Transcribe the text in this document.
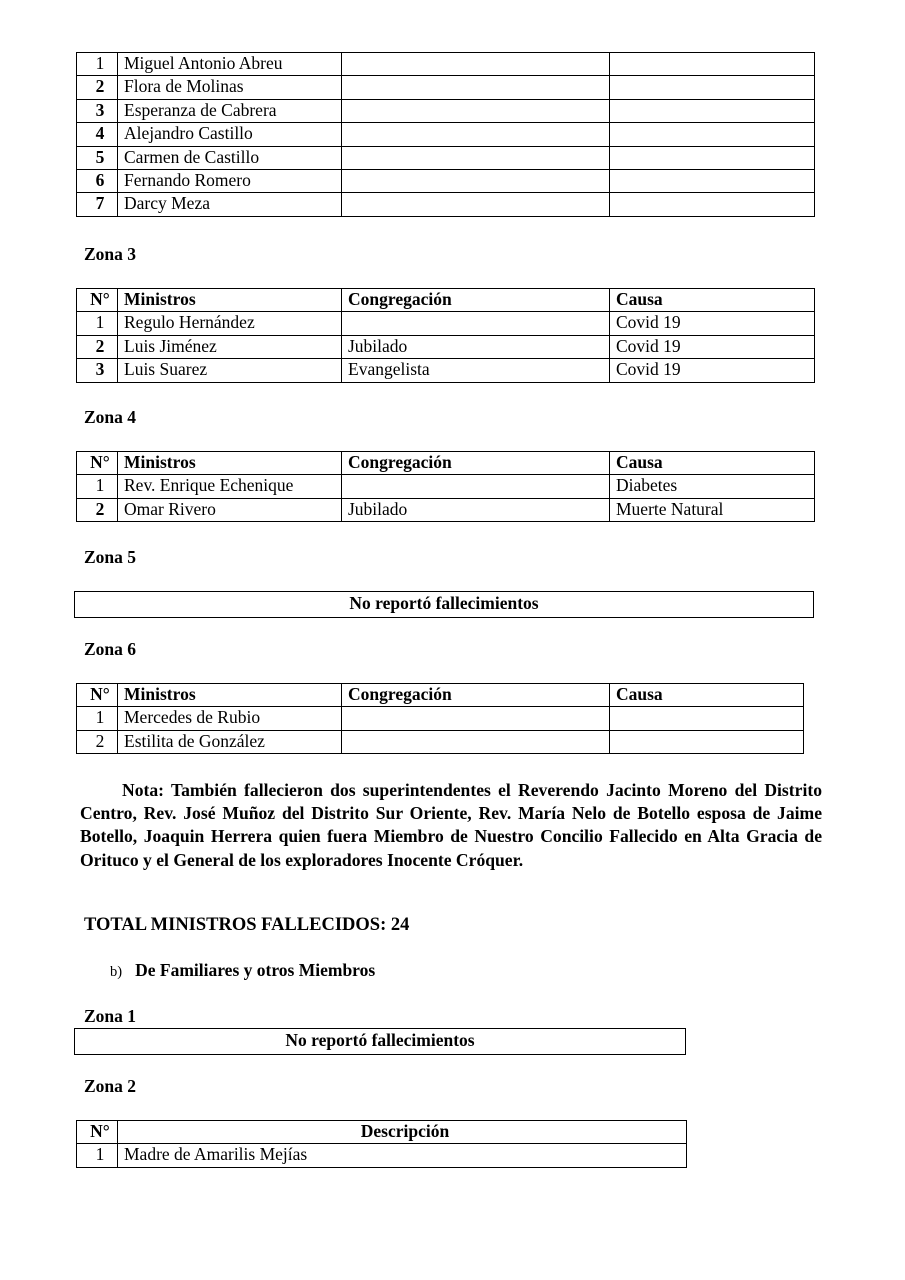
1	Miguel Antonio Abreu		
2	Flora de Molinas		
3	Esperanza de Cabrera		
4	Alejandro Castillo		
5	Carmen de Castillo		
6	Fernando Romero		
7	Darcy Meza		
Zona 3
N°	Ministros	Congregación	Causa
1	Regulo Hernández		Covid 19
2	Luis Jiménez	Jubilado	Covid 19
3	Luis Suarez	Evangelista	Covid 19
Zona 4
N°	Ministros	Congregación	Causa
1	Rev. Enrique Echenique		Diabetes
2	Omar Rivero	Jubilado	Muerte Natural
Zona 5
No reportó fallecimientos
Zona 6
N°	Ministros	Congregación	Causa
1	Mercedes de Rubio		
2	Estilita de González		
Nota: También fallecieron dos superintendentes el Reverendo Jacinto Moreno del Distrito Centro, Rev. José Muñoz del Distrito Sur Oriente, Rev. María Nelo de Botello esposa de Jaime Botello, Joaquin Herrera quien fuera Miembro de Nuestro Concilio Fallecido en Alta Gracia de Orituco y el General de los exploradores Inocente Cróquer.
TOTAL MINISTROS FALLECIDOS: 24
b) De Familiares y otros Miembros
Zona 1
No reportó fallecimientos
Zona 2
N°	Descripción
1	Madre de Amarilis Mejías
